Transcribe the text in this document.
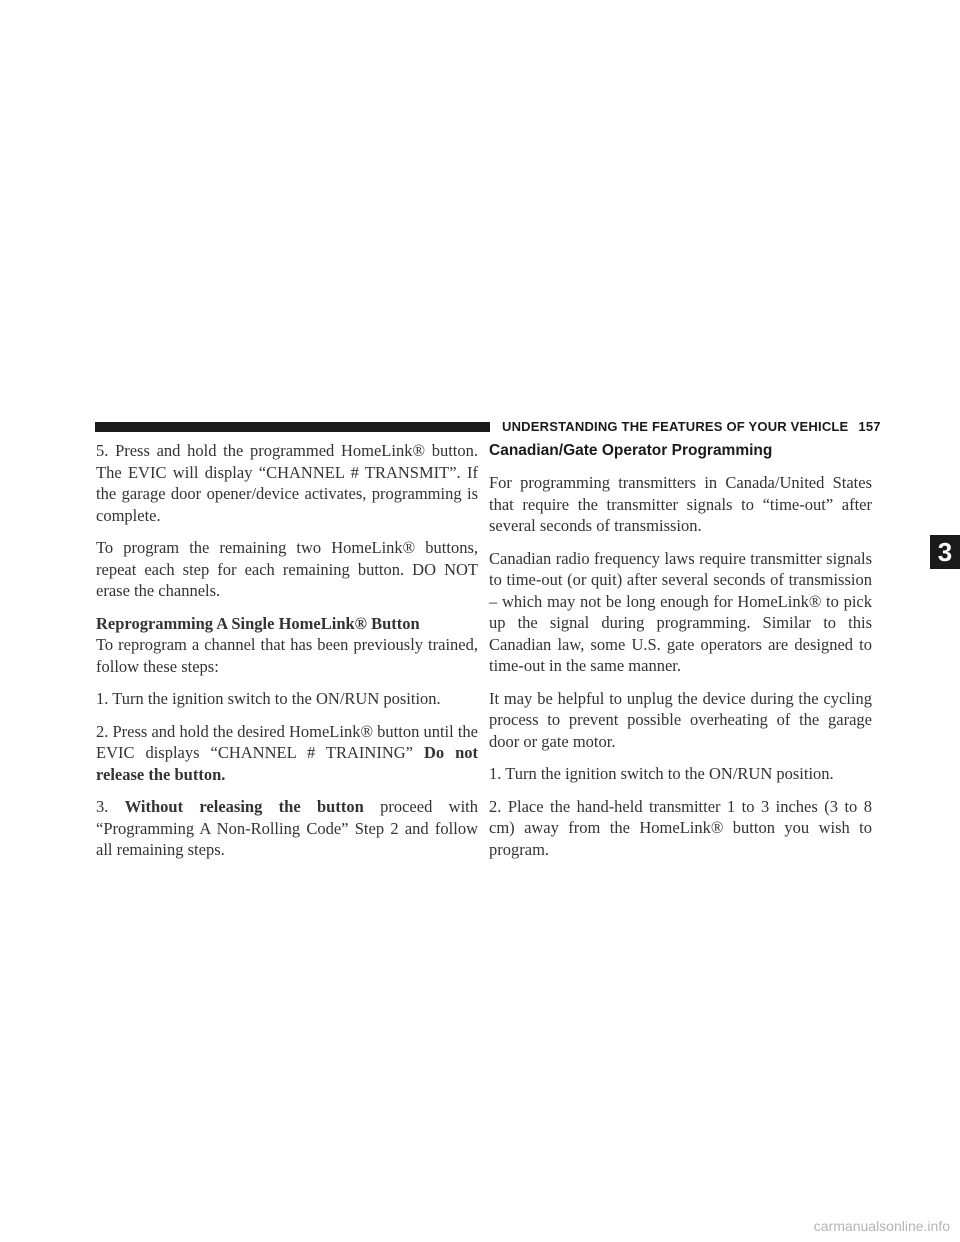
UNDERSTANDING THE FEATURES OF YOUR VEHICLE 157
3

5. Press and hold the programmed HomeLink® button. The EVIC will display “CHANNEL # TRANSMIT”. If the garage door opener/device activates, programming is complete.

To program the remaining two HomeLink® buttons, repeat each step for each remaining button. DO NOT erase the channels.

Reprogramming A Single HomeLink® Button

To reprogram a channel that has been previously trained, follow these steps:

1. Turn the ignition switch to the ON/RUN position.

2. Press and hold the desired HomeLink® button until the EVIC displays “CHANNEL # TRAINING” Do not release the button.

3. Without releasing the button proceed with “Programming A Non-Rolling Code” Step 2 and follow all remaining steps.

Canadian/Gate Operator Programming

For programming transmitters in Canada/United States that require the transmitter signals to “time-out” after several seconds of transmission.

Canadian radio frequency laws require transmitter signals to time-out (or quit) after several seconds of transmission – which may not be long enough for HomeLink® to pick up the signal during programming. Similar to this Canadian law, some U.S. gate operators are designed to time-out in the same manner.

It may be helpful to unplug the device during the cycling process to prevent possible overheating of the garage door or gate motor.

1. Turn the ignition switch to the ON/RUN position.

2. Place the hand-held transmitter 1 to 3 inches (3 to 8 cm) away from the HomeLink® button you wish to program.

carmanualsonline.info
